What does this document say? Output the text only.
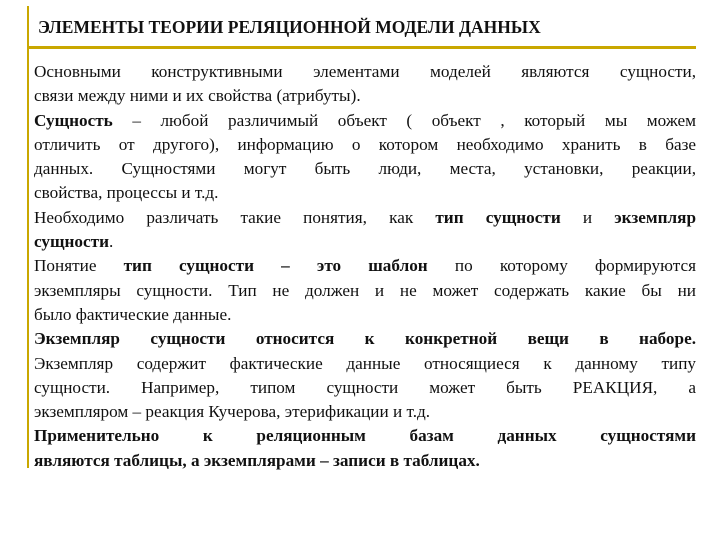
ЭЛЕМЕНТЫ ТЕОРИИ РЕЛЯЦИОННОЙ МОДЕЛИ ДАННЫХ
Основными конструктивными элементами моделей являются сущности,
связи между ними и их свойства (атрибуты).
Сущность – любой различимый объект ( объект , который мы можем
отличить от другого), информацию о котором необходимо хранить в базе
данных. Сущностями могут быть люди, места, установки, реакции,
свойства, процессы и т.д.
Необходимо различать такие понятия, как тип сущности и экземпляр
сущности.
Понятие тип сущности – это шаблон по которому формируются
экземпляры сущности. Тип не должен и не может содержать какие бы ни
было фактические данные.
Экземпляр сущности относится к конкретной вещи в наборе.
Экземпляр содержит фактические данные относящиеся к данному типу
сущности. Например, типом сущности может быть РЕАКЦИЯ, а
экземпляром – реакция Кучерова, этерификации и т.д.
Применительно к реляционным базам данных сущностями
являются таблицы, а экземплярами – записи в таблицах.
